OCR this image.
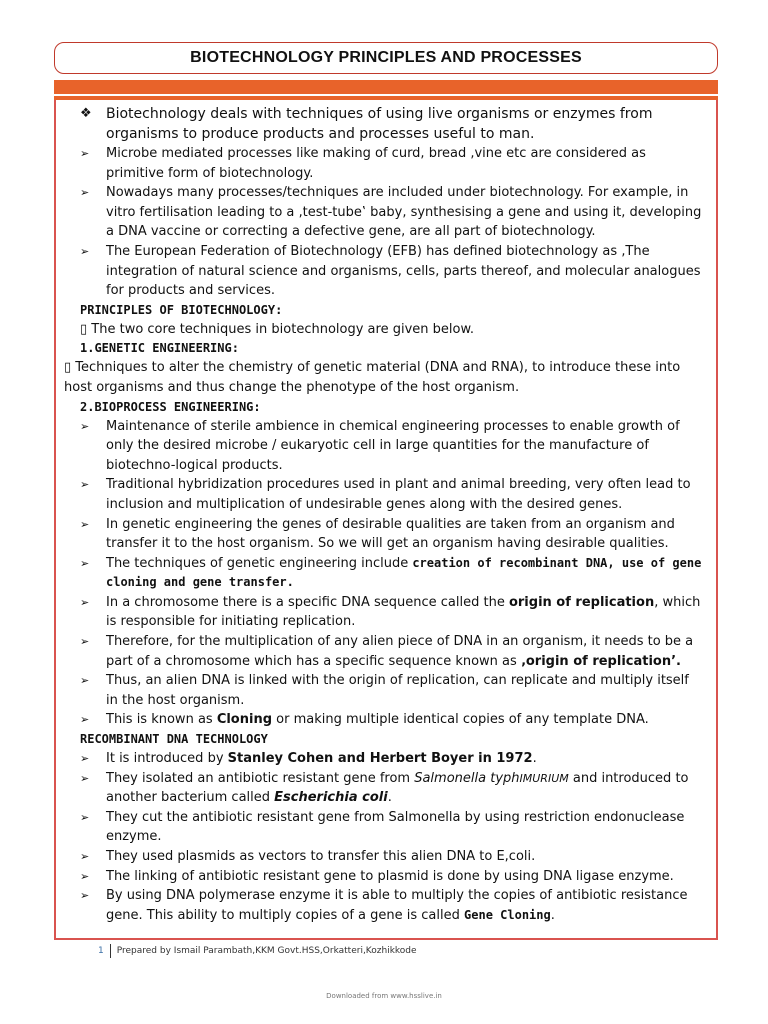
BIOTECHNOLOGY PRINCIPLES AND PROCESSES
❖	Biotechnology deals with techniques of using live organisms or enzymes from organisms to produce products and processes useful to man.
➢	Microbe mediated processes like making of curd, bread ,vine etc are considered as primitive form of biotechnology.
➢	Nowadays many processes/techniques are included under biotechnology. For example, in vitro fertilisation leading to a ‚test-tube‛ baby, synthesising a gene and using it, developing a DNA vaccine or correcting a defective gene, are all part of biotechnology.
➢	The European Federation of Biotechnology (EFB) has defined biotechnology as ‚The integration of natural science and organisms, cells, parts thereof, and molecular analogues for products and services.
PRINCIPLES OF BIOTECHNOLOGY:
▯ The two core techniques in biotechnology are given below.
1.GENETIC ENGINEERING:
▯ Techniques to alter the chemistry of genetic material (DNA and RNA), to introduce these into host organisms and thus change the phenotype of the host organism.
2.BIOPROCESS ENGINEERING:
➢	Maintenance of sterile ambience in chemical engineering processes to enable growth of only the desired microbe / eukaryotic cell in large quantities for the manufacture of biotechno-logical products.
➢	Traditional hybridization procedures used in plant and animal breeding, very often lead to inclusion and multiplication of undesirable genes along with the desired genes.
➢	In genetic engineering the genes of desirable qualities are taken from an organism and transfer it to the host organism. So we will get an organism having desirable qualities.
➢	The techniques of genetic engineering include creation of recombinant DNA, use of gene cloning and gene transfer.
➢	In a chromosome there is a specific DNA sequence called the origin of replication, which is responsible for initiating replication.
➢	Therefore, for the multiplication of any alien piece of DNA in an organism, it needs to be a part of a chromosome which has a specific sequence known as ‚origin of replication’.
➢	Thus, an alien DNA is linked with the origin of replication, can replicate and multiply itself in the host organism.
➢	This is known as Cloning or making multiple identical copies of any template DNA.
RECOMBINANT DNA TECHNOLOGY
➢	It is introduced by Stanley Cohen and Herbert Boyer in 1972.
➢	They isolated an antibiotic resistant gene from Salmonella typhIMURIUM and introduced to another bacterium called Escherichia coli.
➢	They cut the antibiotic resistant gene from Salmonella by using restriction endonuclease enzyme.
➢	They used plasmids as vectors to transfer this alien DNA to E,coli.
➢	The linking of antibiotic resistant gene to plasmid is done by using DNA ligase enzyme.
➢	By using DNA polymerase enzyme it is able to multiply the copies of antibiotic resistance gene. This ability to multiply copies of a gene is called Gene Cloning.
1 Prepared by Ismail Parambath,KKM Govt.HSS,Orkatteri,Kozhikkode
Downloaded from www.hsslive.in
